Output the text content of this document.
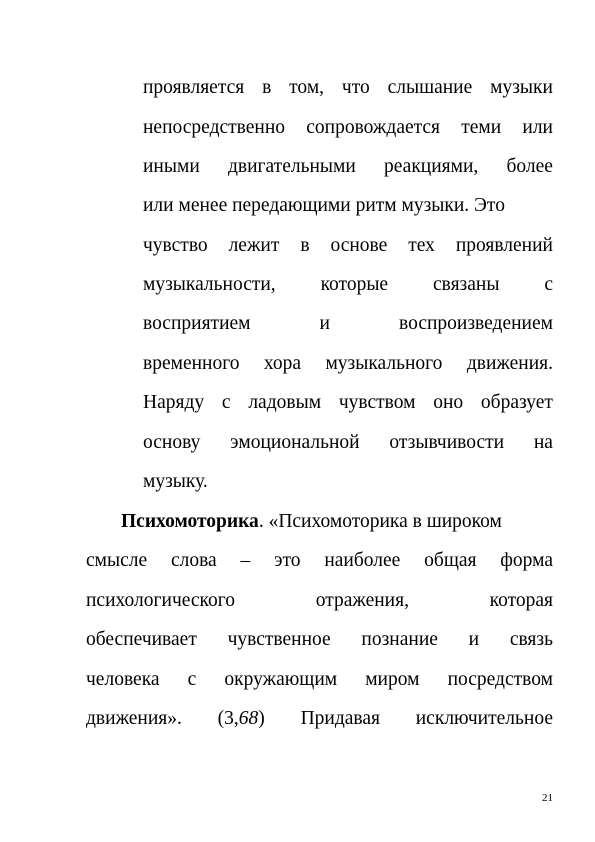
проявляется в том, что слышание музыки
непосредственно сопровождается теми или
иными двигательными реакциями, более
или менее передающими ритм музыки. Это
чувство лежит в основе тех проявлений
музыкальности, которые связаны с
восприятием	и	воспроизведением
временного хора музыкального движения.
Наряду с ладовым чувством оно образует
основу эмоциональной отзывчивости на
музыку.
Психомоторика. «Психомоторика в широком
смысле слова – это наиболее общая форма
психологического	отражения,	которая
обеспечивает чувственное познание и связь
человека с окружающим миром посредством
движения». (3,68) Придавая исключительное
21
